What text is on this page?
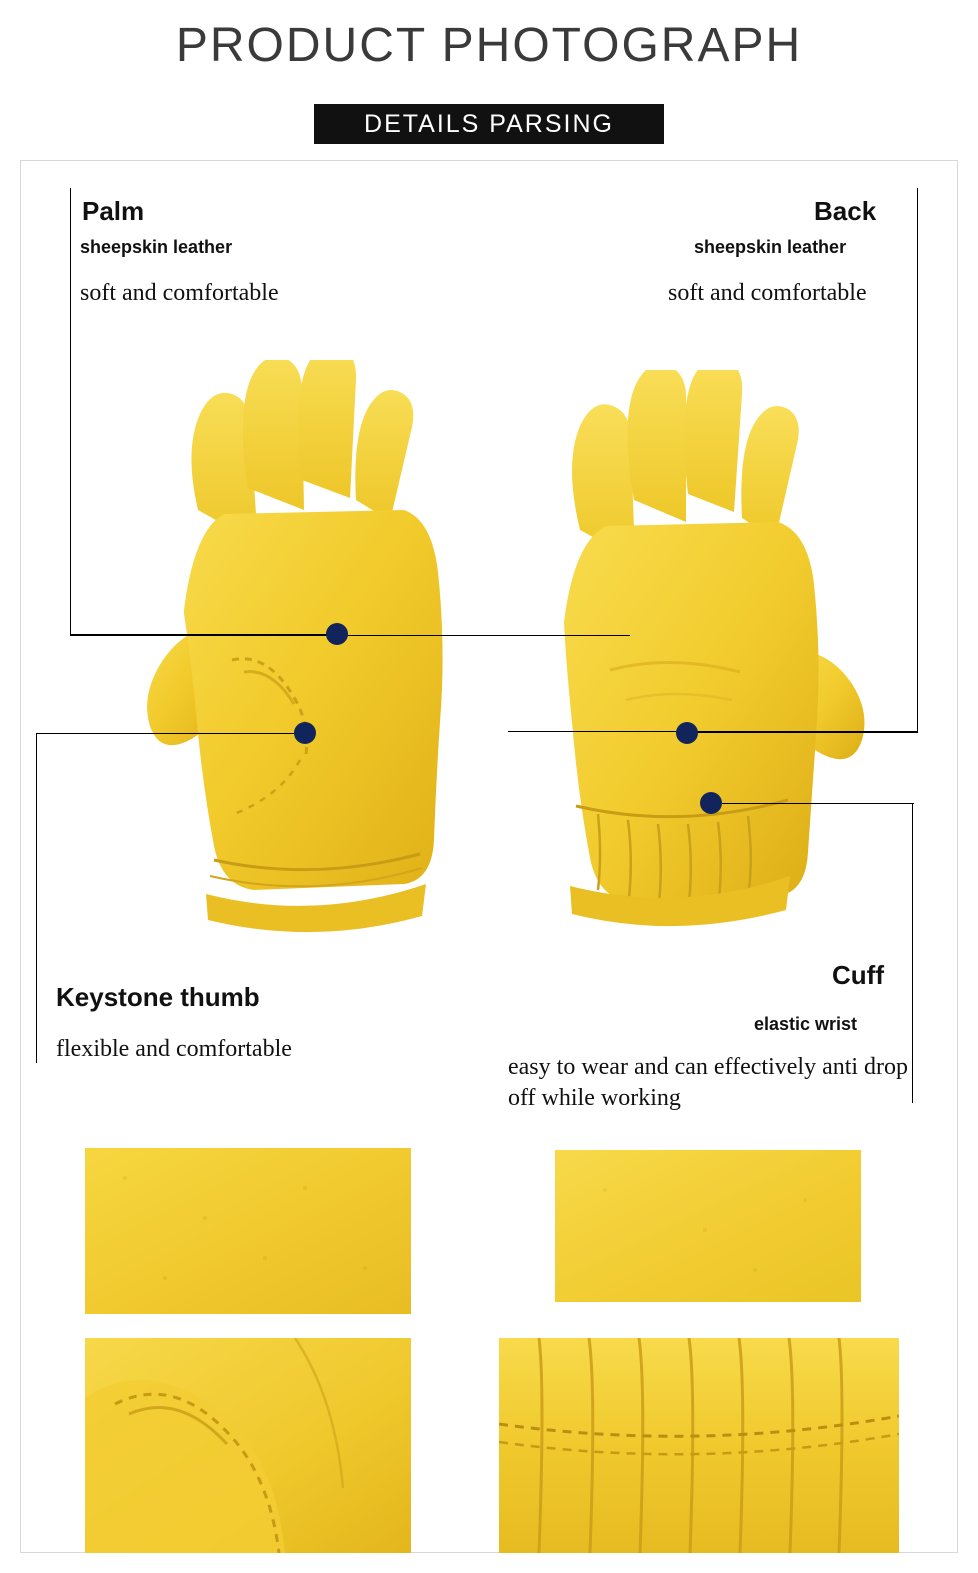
PRODUCT PHOTOGRAPH
DETAILS PARSING
Palm
sheepskin leather
soft and comfortable
Back
sheepskin leather
soft and comfortable
Keystone thumb
flexible and comfortable
Cuff
elastic wrist
easy to wear and can effectively anti drop off while working
